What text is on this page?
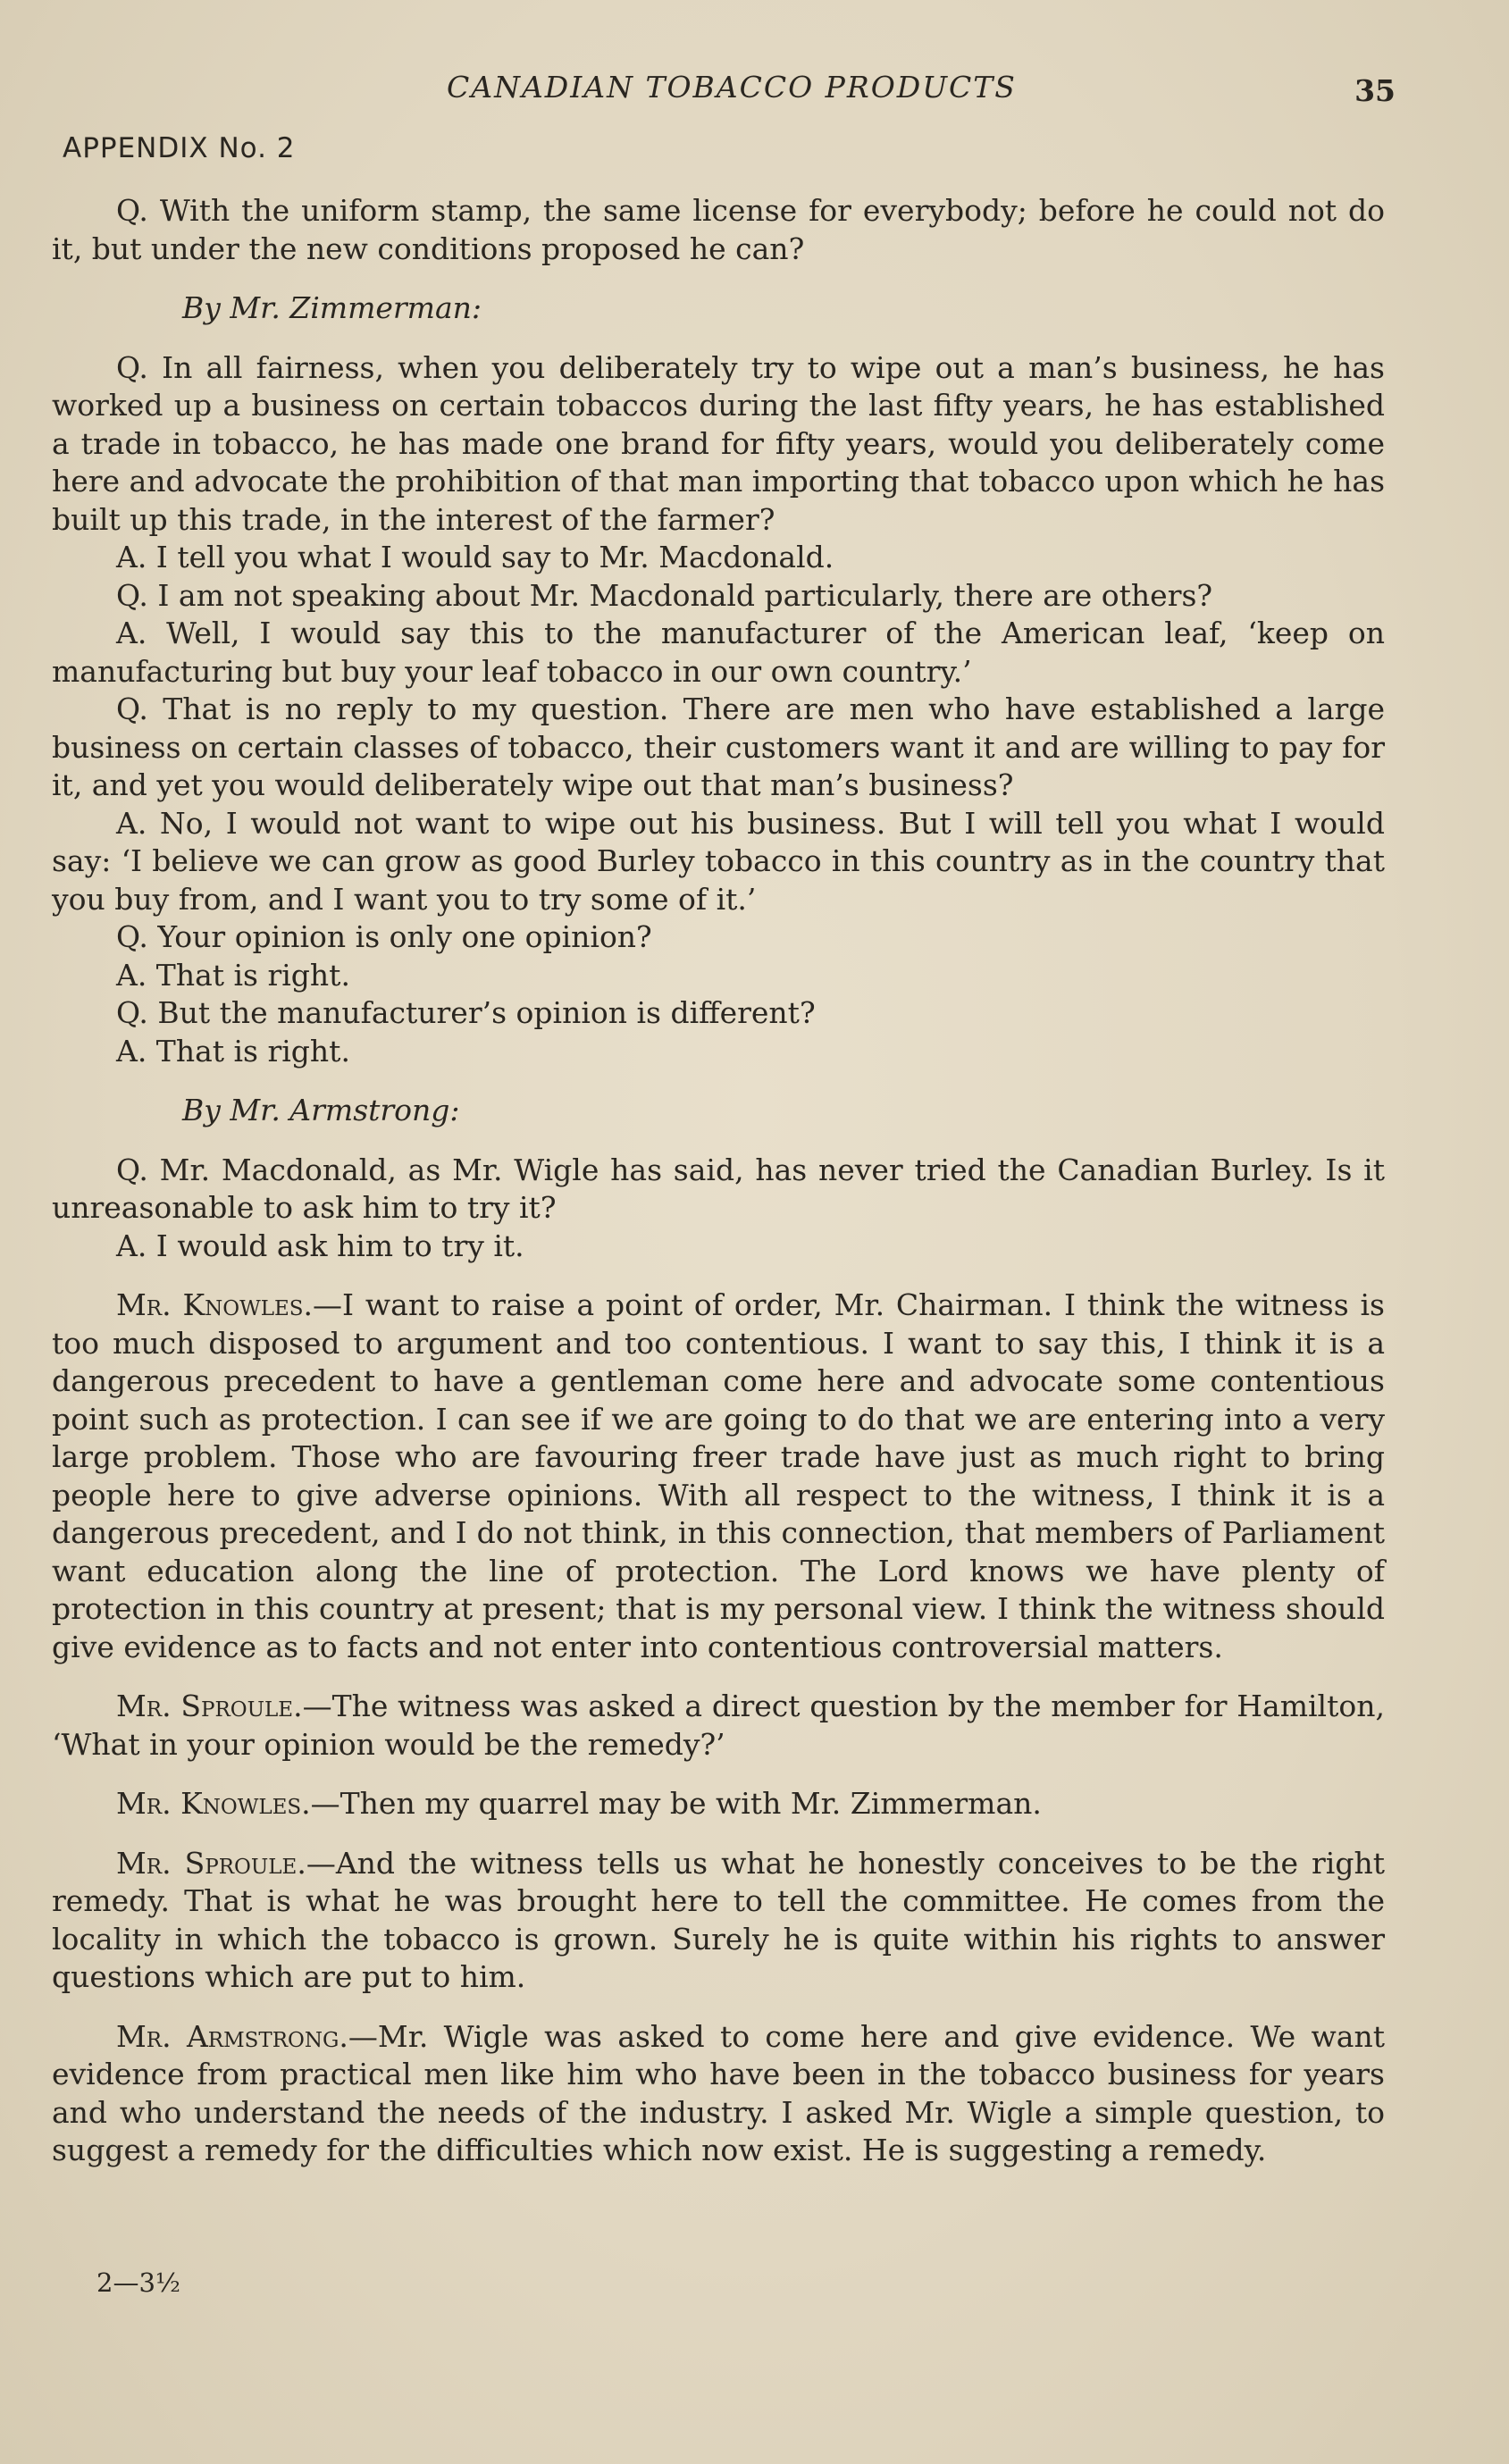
CANADIAN TOBACCO PRODUCTS	35
APPENDIX No. 2

Q. With the uniform stamp, the same license for everybody; before he could not do it, but under the new conditions proposed he can?

By Mr. Zimmerman:

Q. In all fairness, when you deliberately try to wipe out a man’s business, he has worked up a business on certain tobaccos during the last fifty years, he has established a trade in tobacco, he has made one brand for fifty years, would you deliberately come here and advocate the prohibition of that man importing that tobacco upon which he has built up this trade, in the interest of the farmer?

A. I tell you what I would say to Mr. Macdonald.

Q. I am not speaking about Mr. Macdonald particularly, there are others?

A. Well, I would say this to the manufacturer of the American leaf, ‘keep on manufacturing but buy your leaf tobacco in our own country.’

Q. That is no reply to my question. There are men who have established a large business on certain classes of tobacco, their customers want it and are willing to pay for it, and yet you would deliberately wipe out that man’s business?

A. No, I would not want to wipe out his business. But I will tell you what I would say: ‘I believe we can grow as good Burley tobacco in this country as in the country that you buy from, and I want you to try some of it.’

Q. Your opinion is only one opinion?

A. That is right.

Q. But the manufacturer’s opinion is different?

A. That is right.

By Mr. Armstrong:

Q. Mr. Macdonald, as Mr. Wigle has said, has never tried the Canadian Burley. Is it unreasonable to ask him to try it?

A. I would ask him to try it.

Mr. Knowles.—I want to raise a point of order, Mr. Chairman. I think the witness is too much disposed to argument and too contentious. I want to say this, I think it is a dangerous precedent to have a gentleman come here and advocate some contentious point such as protection. I can see if we are going to do that we are entering into a very large problem. Those who are favouring freer trade have just as much right to bring people here to give adverse opinions. With all respect to the witness, I think it is a dangerous precedent, and I do not think, in this connection, that members of Parliament want education along the line of protection. The Lord knows we have plenty of protection in this country at present; that is my personal view. I think the witness should give evidence as to facts and not enter into contentious controversial matters.

Mr. Sproule.—The witness was asked a direct question by the member for Hamilton, ‘What in your opinion would be the remedy?’

Mr. Knowles.—Then my quarrel may be with Mr. Zimmerman.

Mr. Sproule.—And the witness tells us what he honestly conceives to be the right remedy. That is what he was brought here to tell the committee. He comes from the locality in which the tobacco is grown. Surely he is quite within his rights to answer questions which are put to him.

Mr. Armstrong.—Mr. Wigle was asked to come here and give evidence. We want evidence from practical men like him who have been in the tobacco business for years and who understand the needs of the industry. I asked Mr. Wigle a simple question, to suggest a remedy for the difficulties which now exist. He is suggesting a remedy.

2—3½
